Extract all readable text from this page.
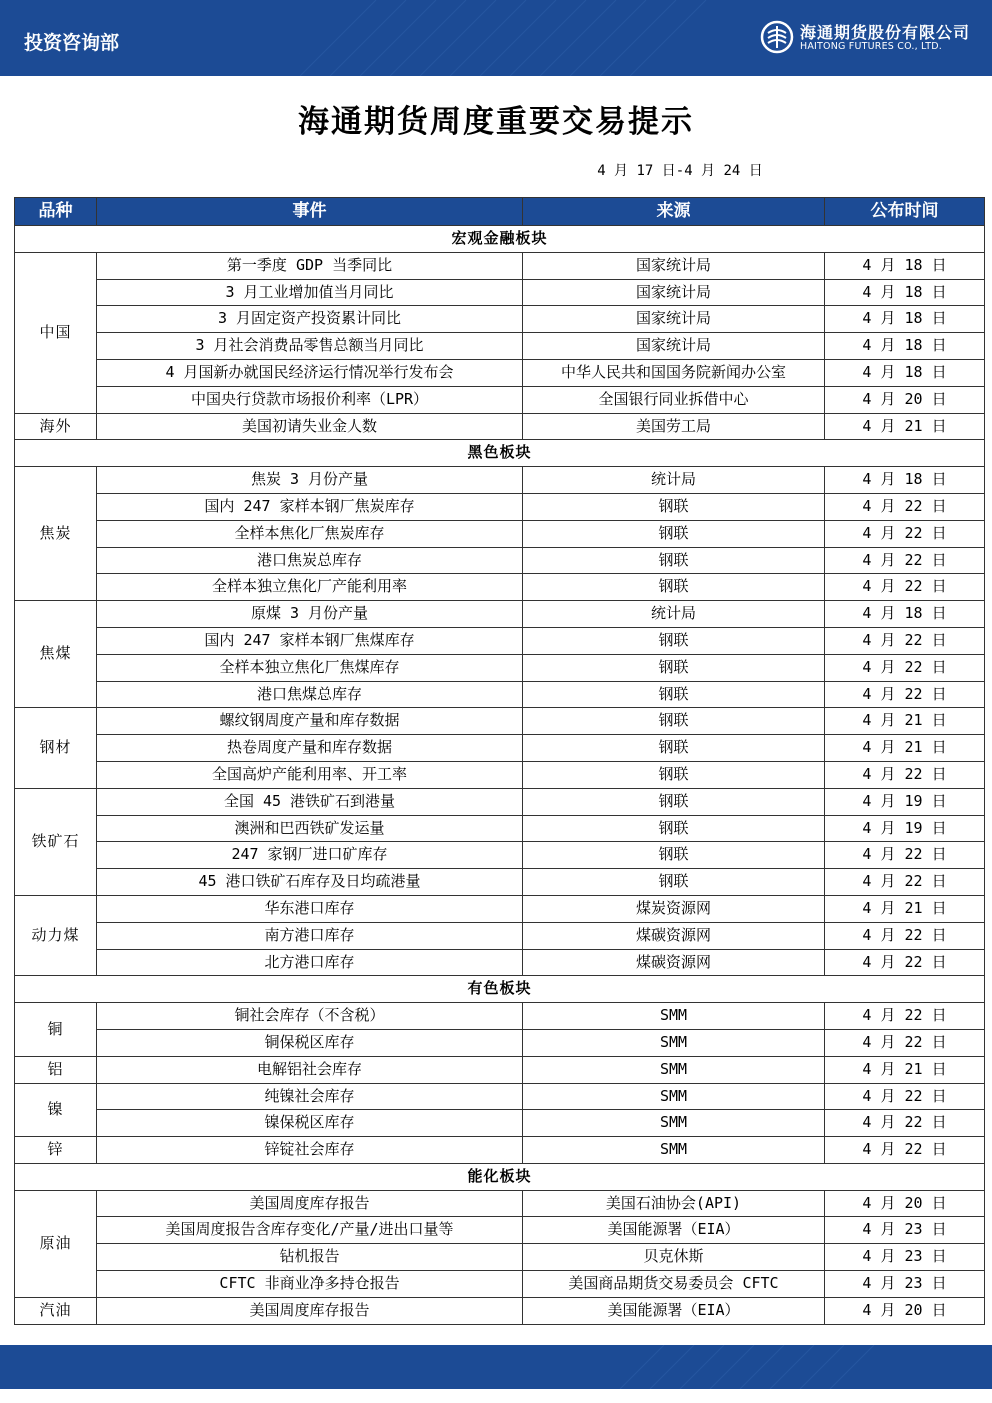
投资咨询部	海通期货股份有限公司
HAITONG FUTURES CO., LTD.
海通期货周度重要交易提示
4 月 17 日-4 月 24 日
品种	事件	来源	公布时间
宏观金融板块			
中国	第一季度 GDP 当季同比	国家统计局	4 月 18 日
	3 月工业增加值当月同比	国家统计局	4 月 18 日
	3 月固定资产投资累计同比	国家统计局	4 月 18 日
	3 月社会消费品零售总额当月同比	国家统计局	4 月 18 日
	4 月国新办就国民经济运行情况举行发布会	中华人民共和国国务院新闻办公室	4 月 18 日
	中国央行贷款市场报价利率（LPR）	全国银行同业拆借中心	4 月 20 日
海外	美国初请失业金人数	美国劳工局	4 月 21 日
黑色板块			
焦炭	焦炭 3 月份产量	统计局	4 月 18 日
	国内 247 家样本钢厂焦炭库存	钢联	4 月 22 日
	全样本焦化厂焦炭库存	钢联	4 月 22 日
	港口焦炭总库存	钢联	4 月 22 日
	全样本独立焦化厂产能利用率	钢联	4 月 22 日
焦煤	原煤 3 月份产量	统计局	4 月 18 日
	国内 247 家样本钢厂焦煤库存	钢联	4 月 22 日
	全样本独立焦化厂焦煤库存	钢联	4 月 22 日
	港口焦煤总库存	钢联	4 月 22 日
钢材	螺纹钢周度产量和库存数据	钢联	4 月 21 日
	热卷周度产量和库存数据	钢联	4 月 21 日
	全国高炉产能利用率、开工率	钢联	4 月 22 日
铁矿石	全国 45 港铁矿石到港量	钢联	4 月 19 日
	澳洲和巴西铁矿发运量	钢联	4 月 19 日
	247 家钢厂进口矿库存	钢联	4 月 22 日
	45 港口铁矿石库存及日均疏港量	钢联	4 月 22 日
动力煤	华东港口库存	煤炭资源网	4 月 21 日
	南方港口库存	煤碳资源网	4 月 22 日
	北方港口库存	煤碳资源网	4 月 22 日
有色板块			
铜	铜社会库存（不含税）	SMM	4 月 22 日
	铜保税区库存	SMM	4 月 22 日
铝	电解铝社会库存	SMM	4 月 21 日
镍	纯镍社会库存	SMM	4 月 22 日
	镍保税区库存	SMM	4 月 22 日
锌	锌锭社会库存	SMM	4 月 22 日
能化板块			
原油	美国周度库存报告	美国石油协会(API)	4 月 20 日
	美国周度报告含库存变化/产量/进出口量等	美国能源署（EIA）	4 月 23 日
	钻机报告	贝克休斯	4 月 23 日
	CFTC 非商业净多持仓报告	美国商品期货交易委员会 CFTC	4 月 23 日
汽油	美国周度库存报告	美国能源署（EIA）	4 月 20 日
